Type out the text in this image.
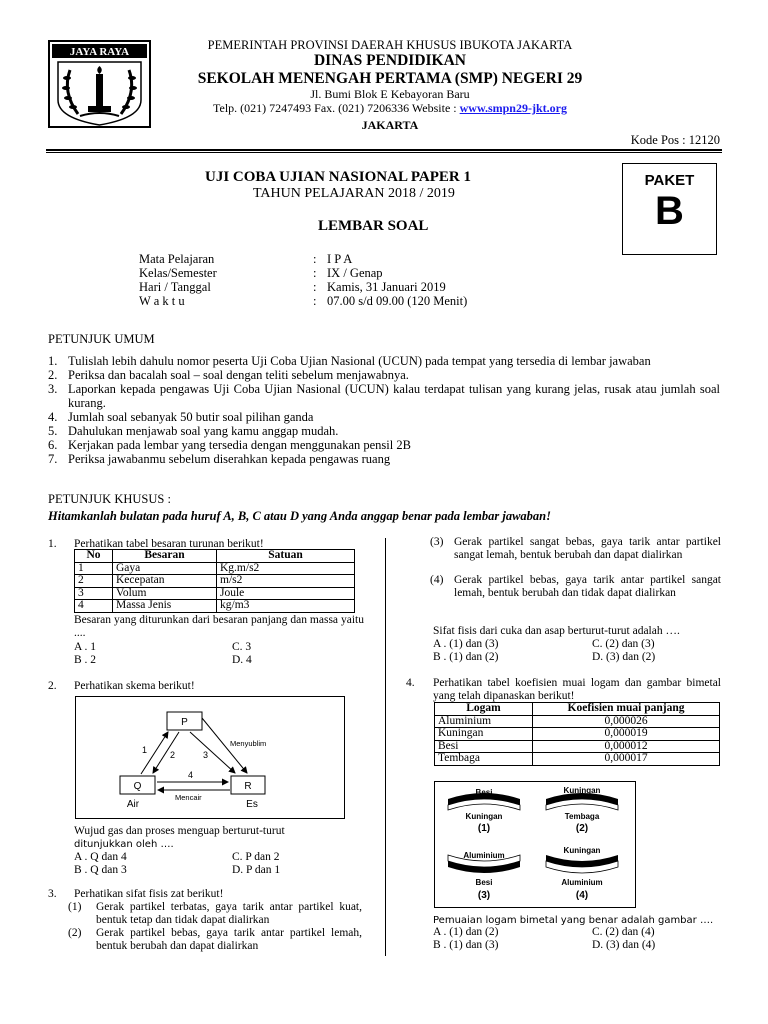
JAYA RAYA	PEMERINTAH PROVINSI DAERAH KHUSUS IBUKOTA JAKARTA
DINAS PENDIDIKAN
SEKOLAH MENENGAH PERTAMA (SMP) NEGERI 29
Jl. Bumi Blok E Kebayoran Baru
Telp. (021) 7247493 Fax. (021) 7206336 Website : www.smpn29-jkt.org
JAKARTA
Kode Pos : 12120
UJI COBA UJIAN NASIONAL PAPER 1
TAHUN PELAJARAN 2018 / 2019
LEMBAR SOAL
PAKET
B
Mata Pelajaran	: I P A
Kelas/Semester	: IX / Genap
Hari / Tanggal	: Kamis, 31 Januari 2019
W a k t u	: 07.00 s/d 09.00 (120 Menit)
PETUNJUK UMUM
1. Tulislah lebih dahulu nomor peserta Uji Coba Ujian Nasional (UCUN) pada tempat yang tersedia di lembar jawaban
2. Periksa dan bacalah soal – soal dengan teliti sebelum menjawabnya.
3. Laporkan kepada pengawas Uji Coba Ujian Nasional (UCUN) kalau terdapat tulisan yang kurang jelas, rusak atau jumlah soal kurang.
4. Jumlah soal sebanyak 50 butir soal pilihan ganda
5. Dahulukan menjawab soal yang kamu anggap mudah.
6. Kerjakan pada lembar yang tersedia dengan menggunakan pensil 2B
7. Periksa jawabanmu sebelum diserahkan kepada pengawas ruang
PETUNJUK KHUSUS :
Hitamkanlah bulatan pada huruf A, B, C atau D yang Anda anggap benar pada lembar jawaban!
1. Perhatikan tabel besaran turunan berikut!
No	Besaran	Satuan
1	Gaya	Kg.m/s2
2	Kecepatan	m/s2
3	Volum	Joule
4	Massa Jenis	kg/m3
Besaran yang diturunkan dari besaran panjang dan massa yaitu ....
A . 1	C. 3
B . 2	D. 4
2. Perhatikan skema berikut!
P
Q	R
1	2	3
4
Menyublim
Mencair
Air	Es
Wujud gas dan proses menguap berturut-turut
ditunjukkan oleh ….
A . Q dan 4	C. P dan 2
B . Q dan 3	D. P dan 1
3. Perhatikan sifat fisis zat berikut!
(1) Gerak partikel terbatas, gaya tarik antar partikel kuat, bentuk tetap dan tidak dapat dialirkan
(2) Gerak partikel bebas, gaya tarik antar partikel lemah, bentuk berubah dan dapat dialirkan
(3) Gerak partikel sangat bebas, gaya tarik antar partikel sangat lemah, bentuk berubah dan dapat dialirkan
(4) Gerak partikel bebas, gaya tarik antar partikel sangat lemah, bentuk berubah dan tidak dapat dialirkan
Sifat fisis dari cuka dan asap berturut-turut adalah ….
A . (1) dan (3)	C. (2) dan (3)
B . (1) dan (2)	D. (3) dan (2)
4. Perhatikan tabel koefisien muai logam dan gambar bimetal yang telah dipanaskan berikut!
Logam	Koefisien muai panjang
Aluminium	0,000026
Kuningan	0,000019
Besi	0,000012
Tembaga	0,000017
Besi
Kuningan
(1)
Kuningan
Tembaga
(2)
Aluminium
Besi
(3)
Kuningan
Aluminium
(4)
Pemuaian logam bimetal yang benar adalah gambar ….
A . (1) dan (2)	C. (2) dan (4)
B . (1) dan (3)	D. (3) dan (4)
